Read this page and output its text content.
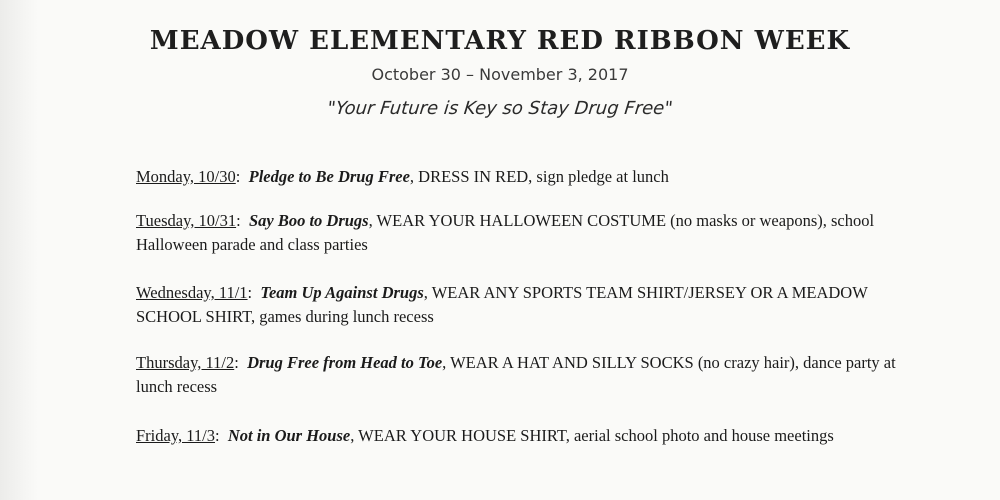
MEADOW ELEMENTARY RED RIBBON WEEK
October 30 – November 3, 2017
"Your Future is Key so Stay Drug Free"
Monday, 10/30:  Pledge to Be Drug Free, DRESS IN RED, sign pledge at lunch
Tuesday, 10/31:  Say Boo to Drugs, WEAR YOUR HALLOWEEN COSTUME (no masks or weapons), school Halloween parade and class parties
Wednesday, 11/1:  Team Up Against Drugs, WEAR ANY SPORTS TEAM SHIRT/JERSEY OR A MEADOW SCHOOL SHIRT, games during lunch recess
Thursday, 11/2:  Drug Free from Head to Toe, WEAR A HAT AND SILLY SOCKS (no crazy hair), dance party at lunch recess
Friday, 11/3:  Not in Our House, WEAR YOUR HOUSE SHIRT, aerial school photo and house meetings
